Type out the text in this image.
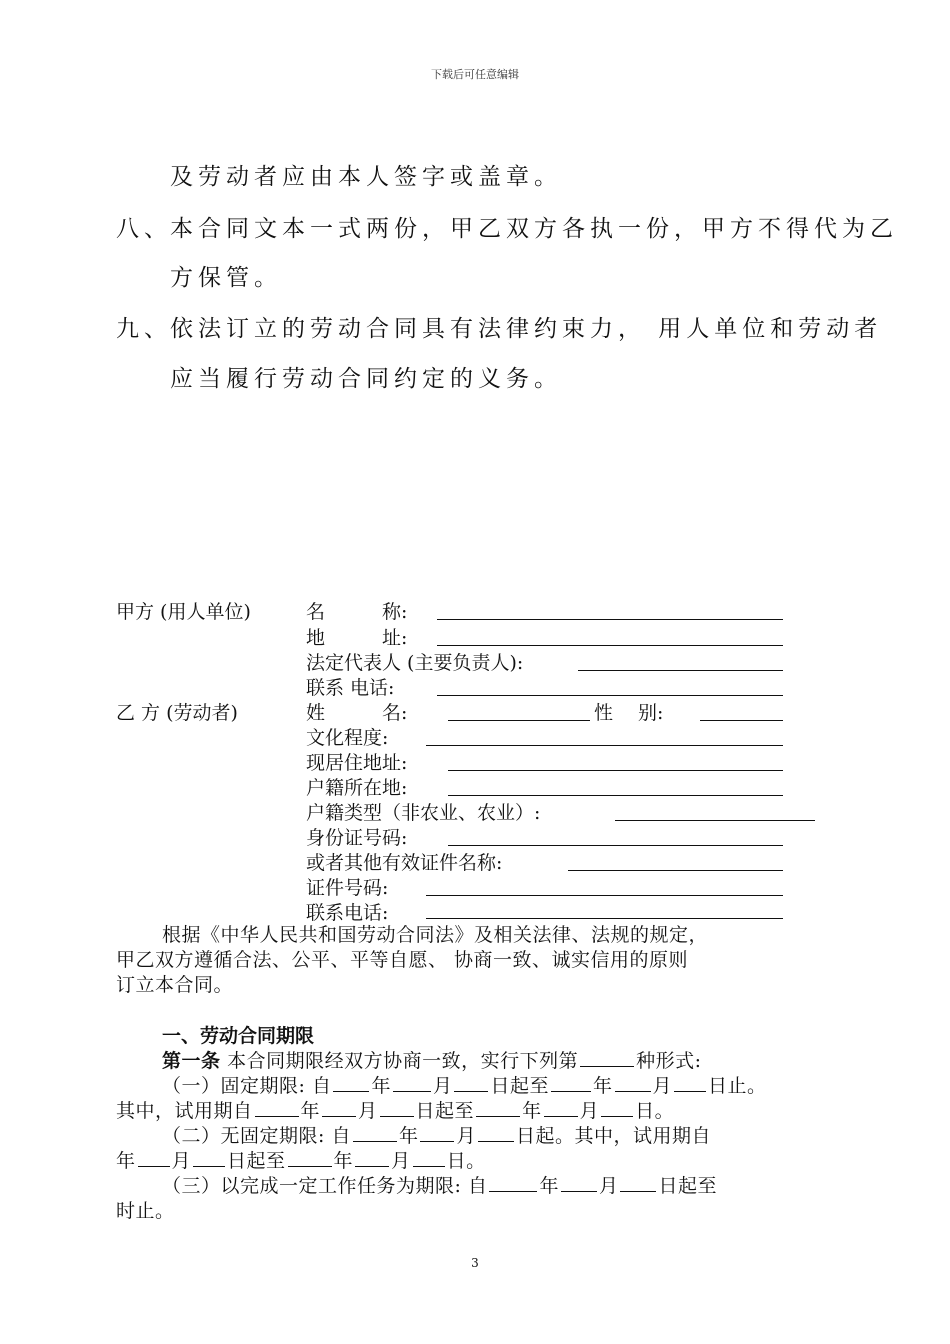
下载后可任意编辑
及劳动者应由本人签字或盖章。
八、
本合同文本一式两份，甲乙双方各执一份，甲方不得代为乙
方保管。
九、
依法订立的劳动合同具有法律约束力， 用人单位和劳动者
应当履行劳动合同约定的义务。
甲方 (用人单位)	名　　　称:
地　　　址:
法定代表人 (主要负责人):
联系 电话:
乙 方 (劳动者)	姓　　　名:	性　 别:
文化程度:
现居住地址:
户籍所在地:
户籍类型（非农业、农业）:
身份证号码:
或者其他有效证件名称:
证件号码:
联系电话:
根据《中华人民共和国劳动合同法》及相关法律、法规的规定，
甲乙双方遵循合法、公平、平等自愿、 协商一致、诚实信用的原则
订立本合同。
一、劳动合同期限
第一条 本合同期限经双方协商一致，实行下列第	种形式:
（一）固定期限: 自 年 月 日起至 年 月 日止。
其中，试用期自	年 月 日起至	年 月 日。
（二）无固定期限: 自	年 月 日起。其中，试用期自
年 月 日起至	年 月 日。
（三）以完成一定工作任务为期限: 自	年 月 日起至
时止。
3
